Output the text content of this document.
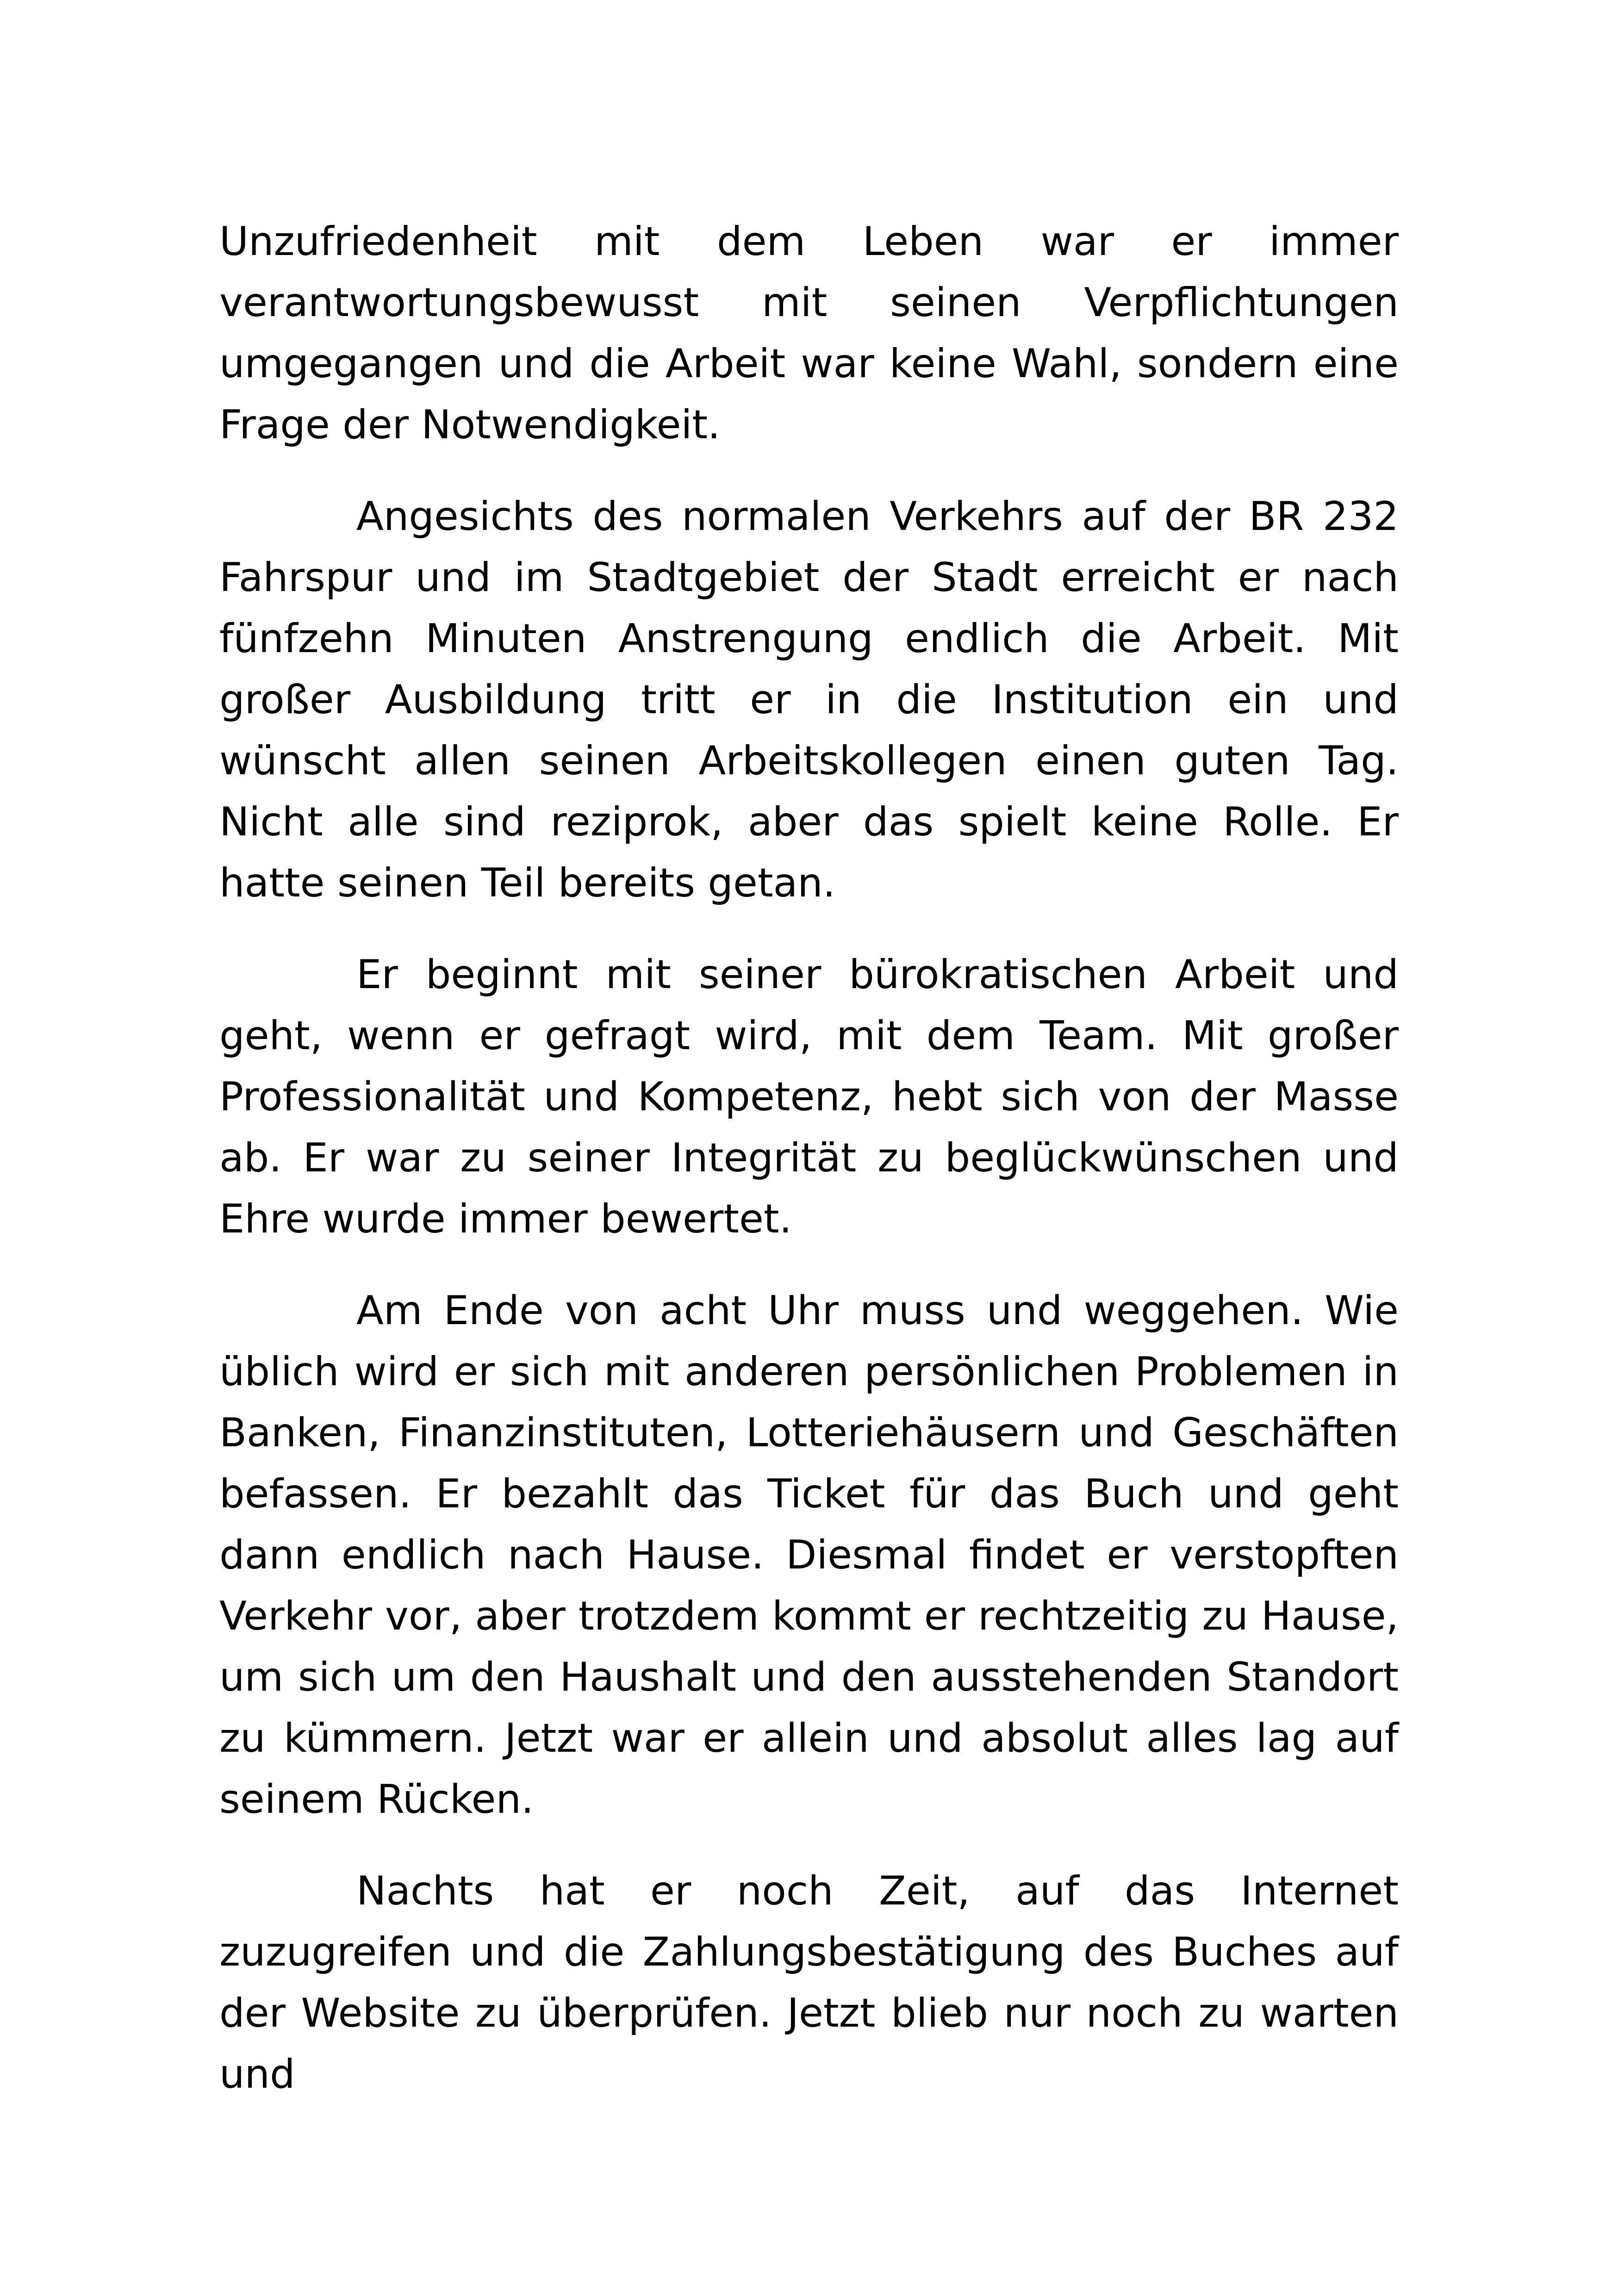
Unzufriedenheit mit dem Leben war er immer verantwortungsbewusst mit seinen Verpflichtungen umgegangen und die Arbeit war keine Wahl, sondern eine Frage der Notwendigkeit.

Angesichts des normalen Verkehrs auf der BR 232 Fahrspur und im Stadtgebiet der Stadt erreicht er nach fünfzehn Minuten Anstrengung endlich die Arbeit. Mit großer Ausbildung tritt er in die Institution ein und wünscht allen seinen Arbeitskollegen einen guten Tag. Nicht alle sind reziprok, aber das spielt keine Rolle. Er hatte seinen Teil bereits getan.

Er beginnt mit seiner bürokratischen Arbeit und geht, wenn er gefragt wird, mit dem Team. Mit großer Professionalität und Kompetenz, hebt sich von der Masse ab. Er war zu seiner Integrität zu beglückwünschen und Ehre wurde immer bewertet.

Am Ende von acht Uhr muss und weggehen. Wie üblich wird er sich mit anderen persönlichen Problemen in Banken, Finanzinstituten, Lotteriehäusern und Geschäften befassen. Er bezahlt das Ticket für das Buch und geht dann endlich nach Hause. Diesmal findet er verstopften Verkehr vor, aber trotzdem kommt er rechtzeitig zu Hause, um sich um den Haushalt und den ausstehenden Standort zu kümmern. Jetzt war er allein und absolut alles lag auf seinem Rücken.

Nachts hat er noch Zeit, auf das Internet zuzugreifen und die Zahlungsbestätigung des Buches auf der Website zu überprüfen. Jetzt blieb nur noch zu warten und
